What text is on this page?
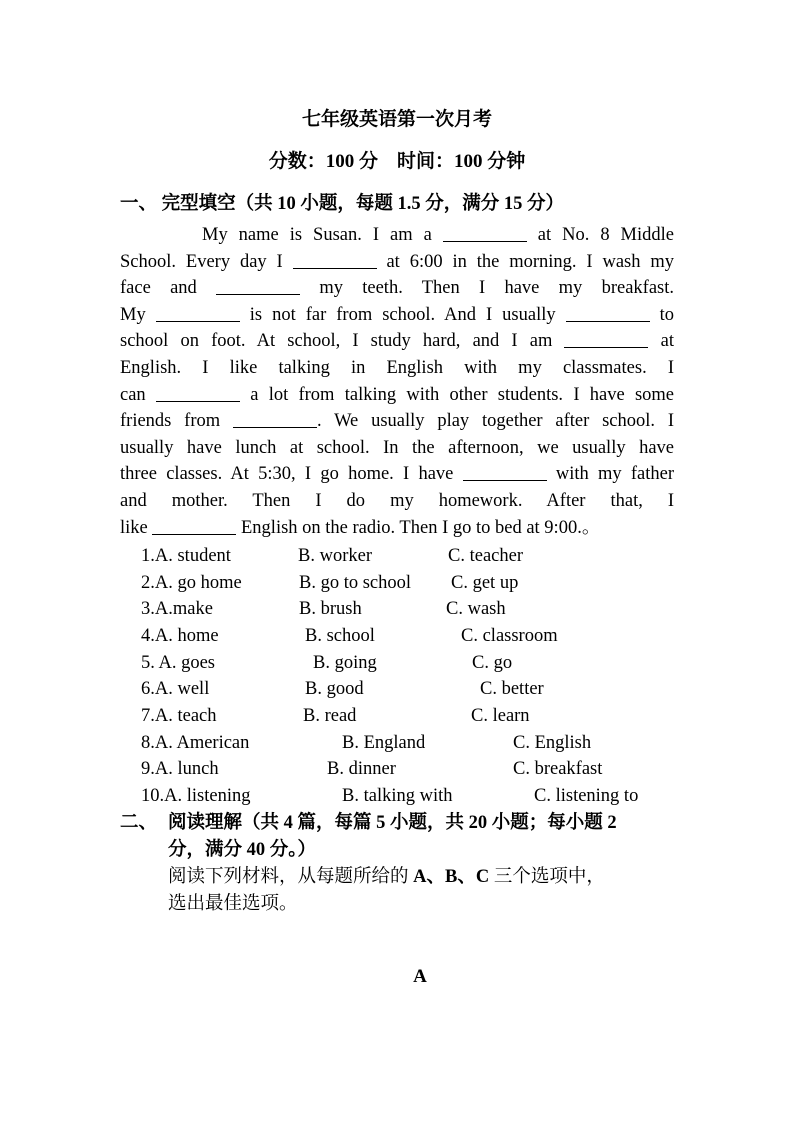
七年级英语第一次月考
分数：100 分　时间：100 分钟
一、 完型填空（共 10 小题，每题 1.5 分，满分 15 分）
My name is Susan. I am a	at No. 8 Middle
School. Every day I	at 6:00 in the morning. I wash my
face and	my teeth. Then I have my breakfast.
My	is not far from school. And I usually	to
school on foot. At school, I study hard, and I am	at
English. I like talking in English with my classmates. I
can	a lot from talking with other students. I have some
friends from	. We usually play together after school. I
usually have lunch at school. In the afternoon, we usually have
three classes. At 5:30, I go home. I have	with my father
and mother. Then I do my homework. After that, I
like	English on the radio. Then I go to bed at 9:00.。
1.A. student	B. worker	C. teacher
2.A. go home	B. go to school C. get up
3.A.make	B. brush	C. wash
4.A. home	B. school	C. classroom
5. A. goes	B. going	C. go
6.A. well	B. good	C. better
7.A. teach	B. read	C. learn
8.A. American	B. England	C. English
9.A. lunch	B. dinner	C. breakfast
10.A. listening	B. talking with	C. listening to
二、 阅读理解（共 4 篇，每篇 5 小题，共 20 小题；每小题 2
分，满分 40 分。）
阅读下列材料，从每题所给的 A、B、C 三个选项中，
选出最佳选项。
A
